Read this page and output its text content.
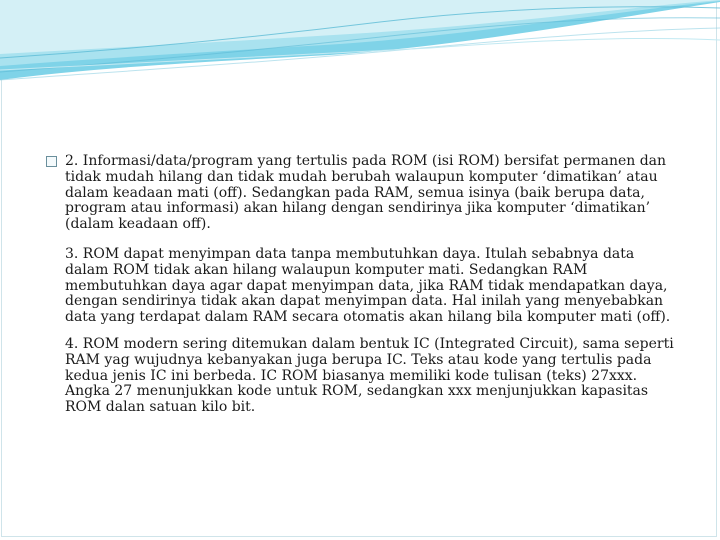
2. Informasi/data/program yang tertulis pada ROM (isi ROM) bersifat permanen dan tidak mudah hilang dan tidak mudah berubah walaupun komputer ‘dimatikan’ atau dalam keadaan mati (off). Sedangkan pada RAM, semua isinya (baik berupa data, program atau informasi) akan hilang dengan sendirinya jika komputer ‘dimatikan’ (dalam keadaan off).
3. ROM dapat menyimpan data tanpa membutuhkan daya. Itulah sebabnya data dalam ROM tidak akan hilang walaupun komputer mati. Sedangkan RAM membutuhkan daya agar dapat menyimpan data, jika RAM tidak mendapatkan daya, dengan sendirinya tidak akan dapat menyimpan data. Hal inilah yang menyebabkan data yang terdapat dalam RAM secara otomatis akan hilang bila komputer mati (off).
4. ROM modern sering ditemukan dalam bentuk IC (Integrated Circuit), sama seperti RAM yag wujudnya kebanyakan juga berupa IC. Teks atau kode yang tertulis pada kedua jenis IC ini berbeda. IC ROM biasanya memiliki kode tulisan (teks) 27xxx. Angka 27 menunjukkan kode untuk ROM, sedangkan xxx menjunjukkan kapasitas ROM dalan satuan kilo bit.
